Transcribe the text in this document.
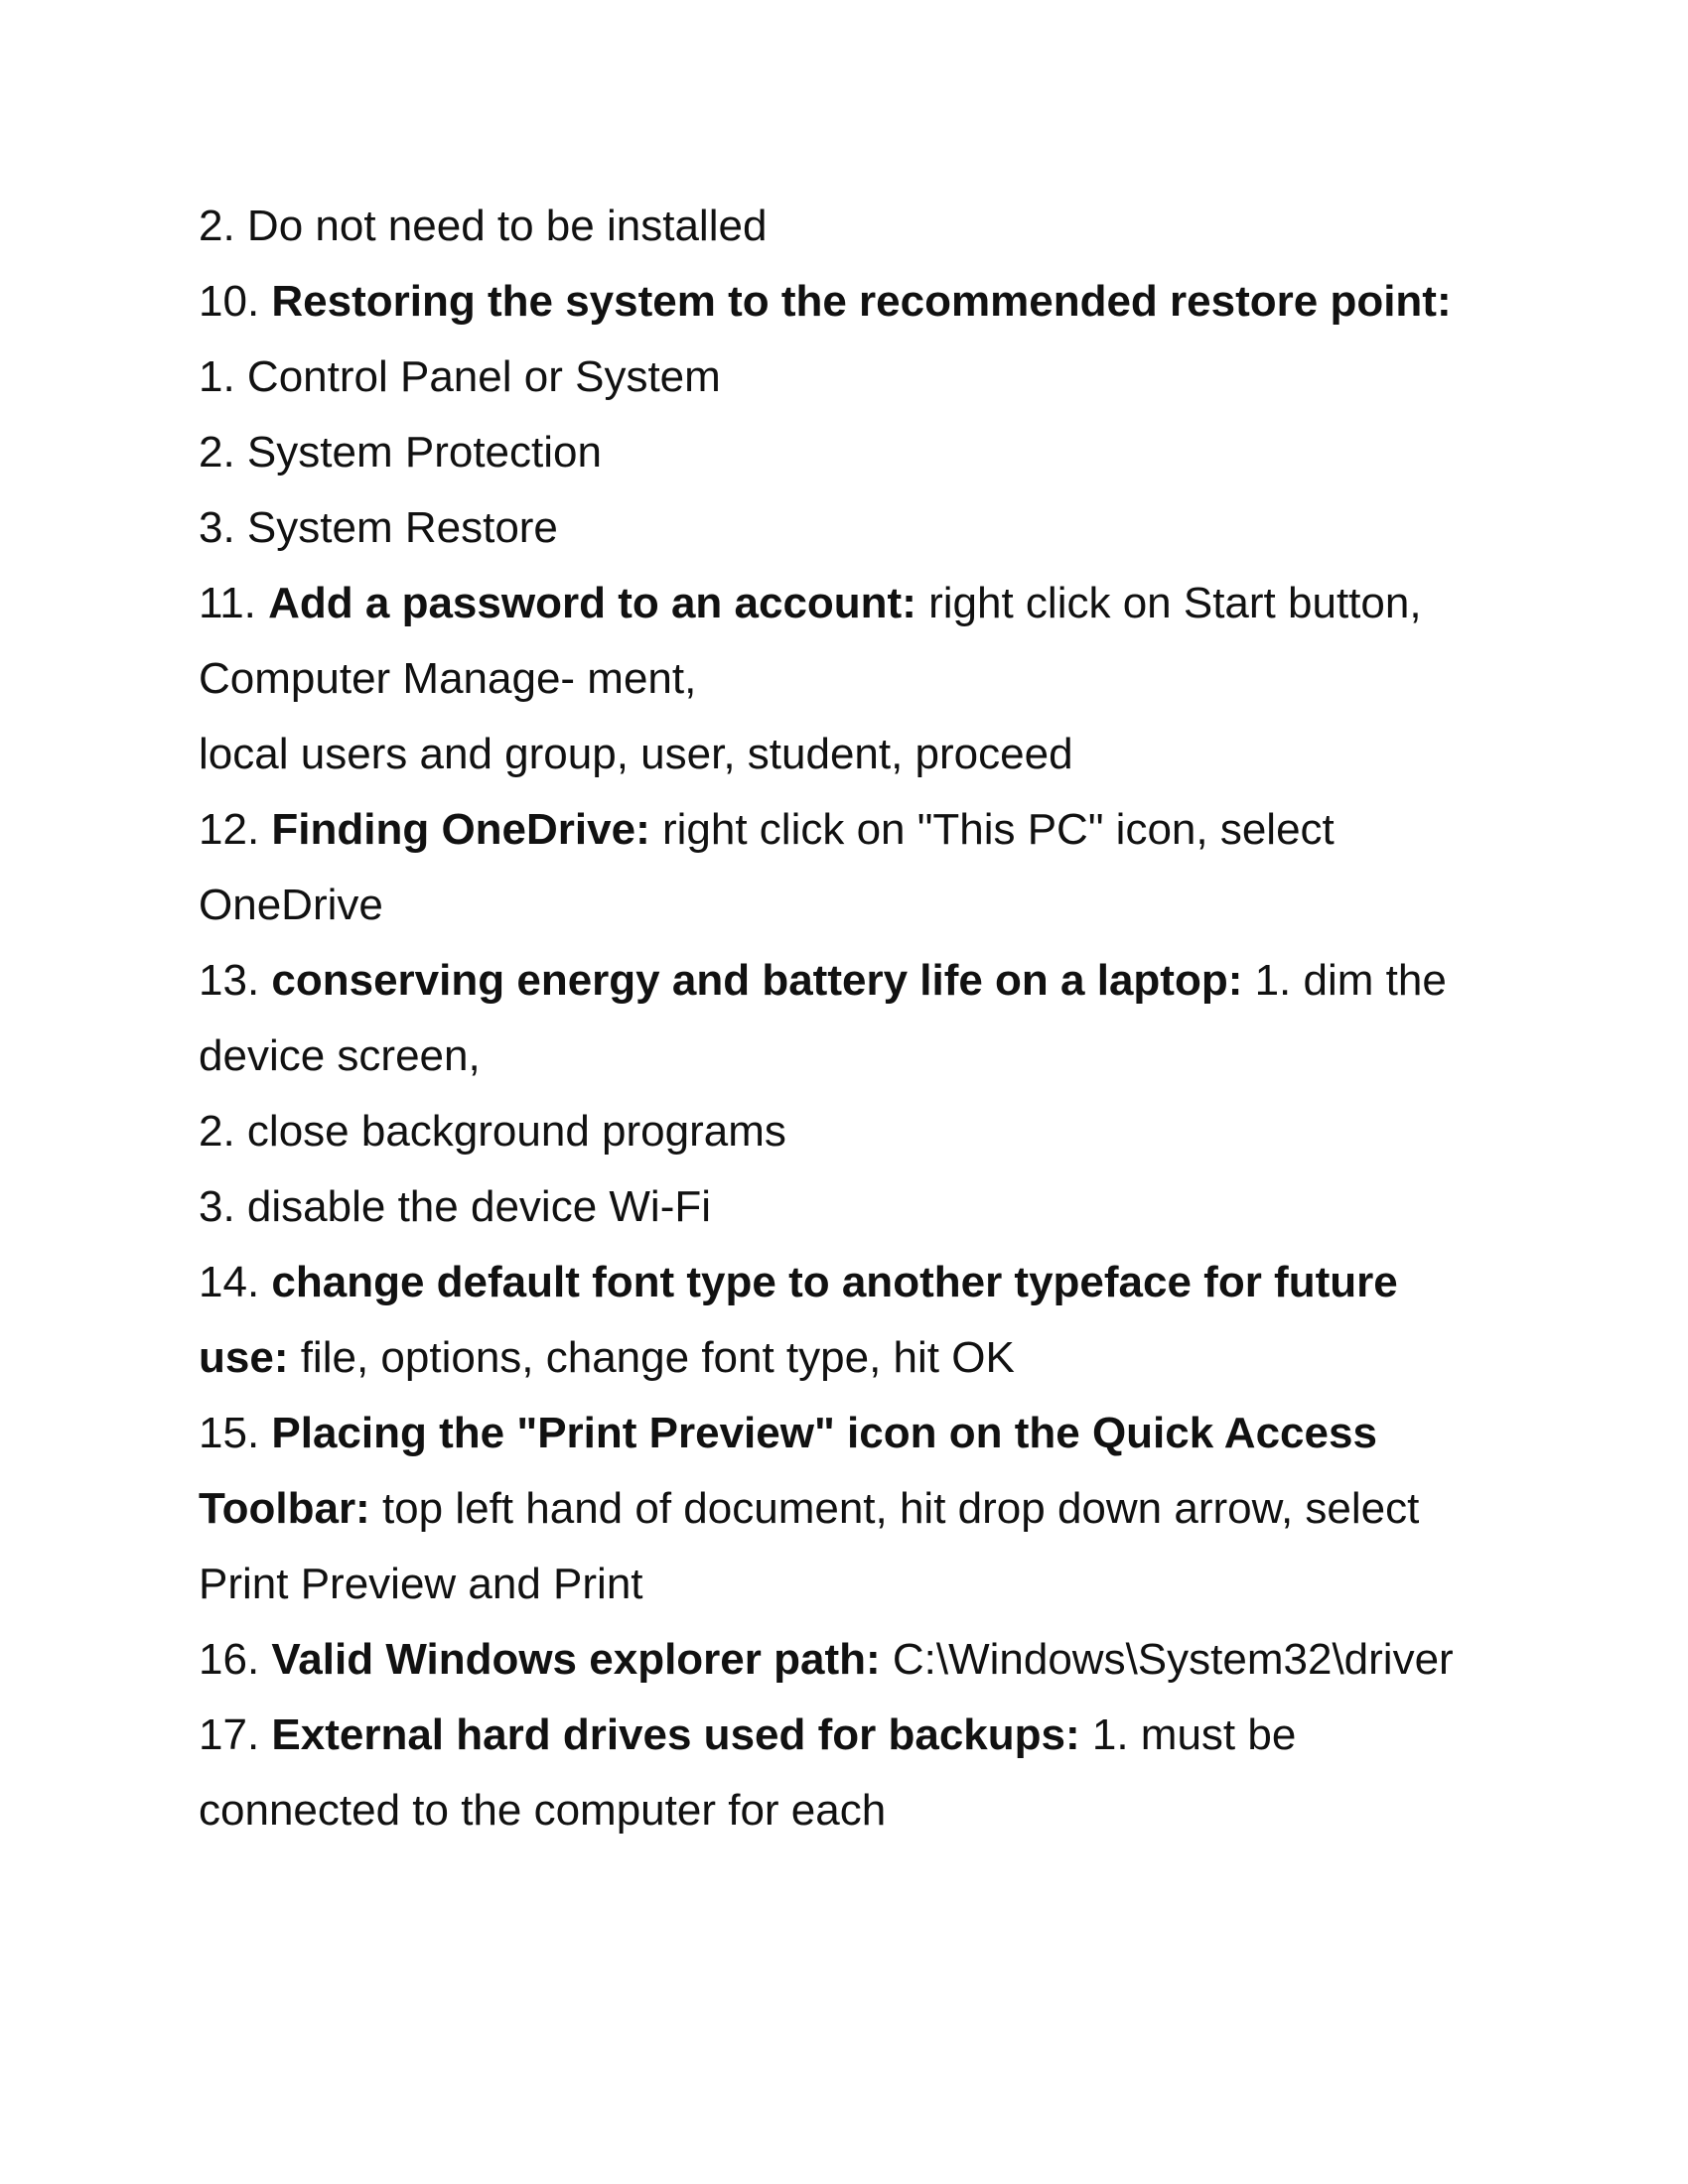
2. Do not need to be installed
10. Restoring the system to the recommended restore point:
1. Control Panel or System
2. System Protection
3. System Restore
11. Add a password to an account: right click on Start button,
Computer Manage- ment,
local users and group, user, student, proceed
12. Finding OneDrive: right click on "This PC" icon, select
OneDrive
13. conserving energy and battery life on a laptop: 1. dim the
device screen,
2. close background programs
3. disable the device Wi-Fi
14. change default font type to another typeface for future
use: file, options, change font type, hit OK
15. Placing the "Print Preview" icon on the Quick Access
Toolbar: top left hand of document, hit drop down arrow, select
Print Preview and Print
16. Valid Windows explorer path: C:\Windows\System32\driver
17. External hard drives used for backups: 1. must be
connected to the computer for each
